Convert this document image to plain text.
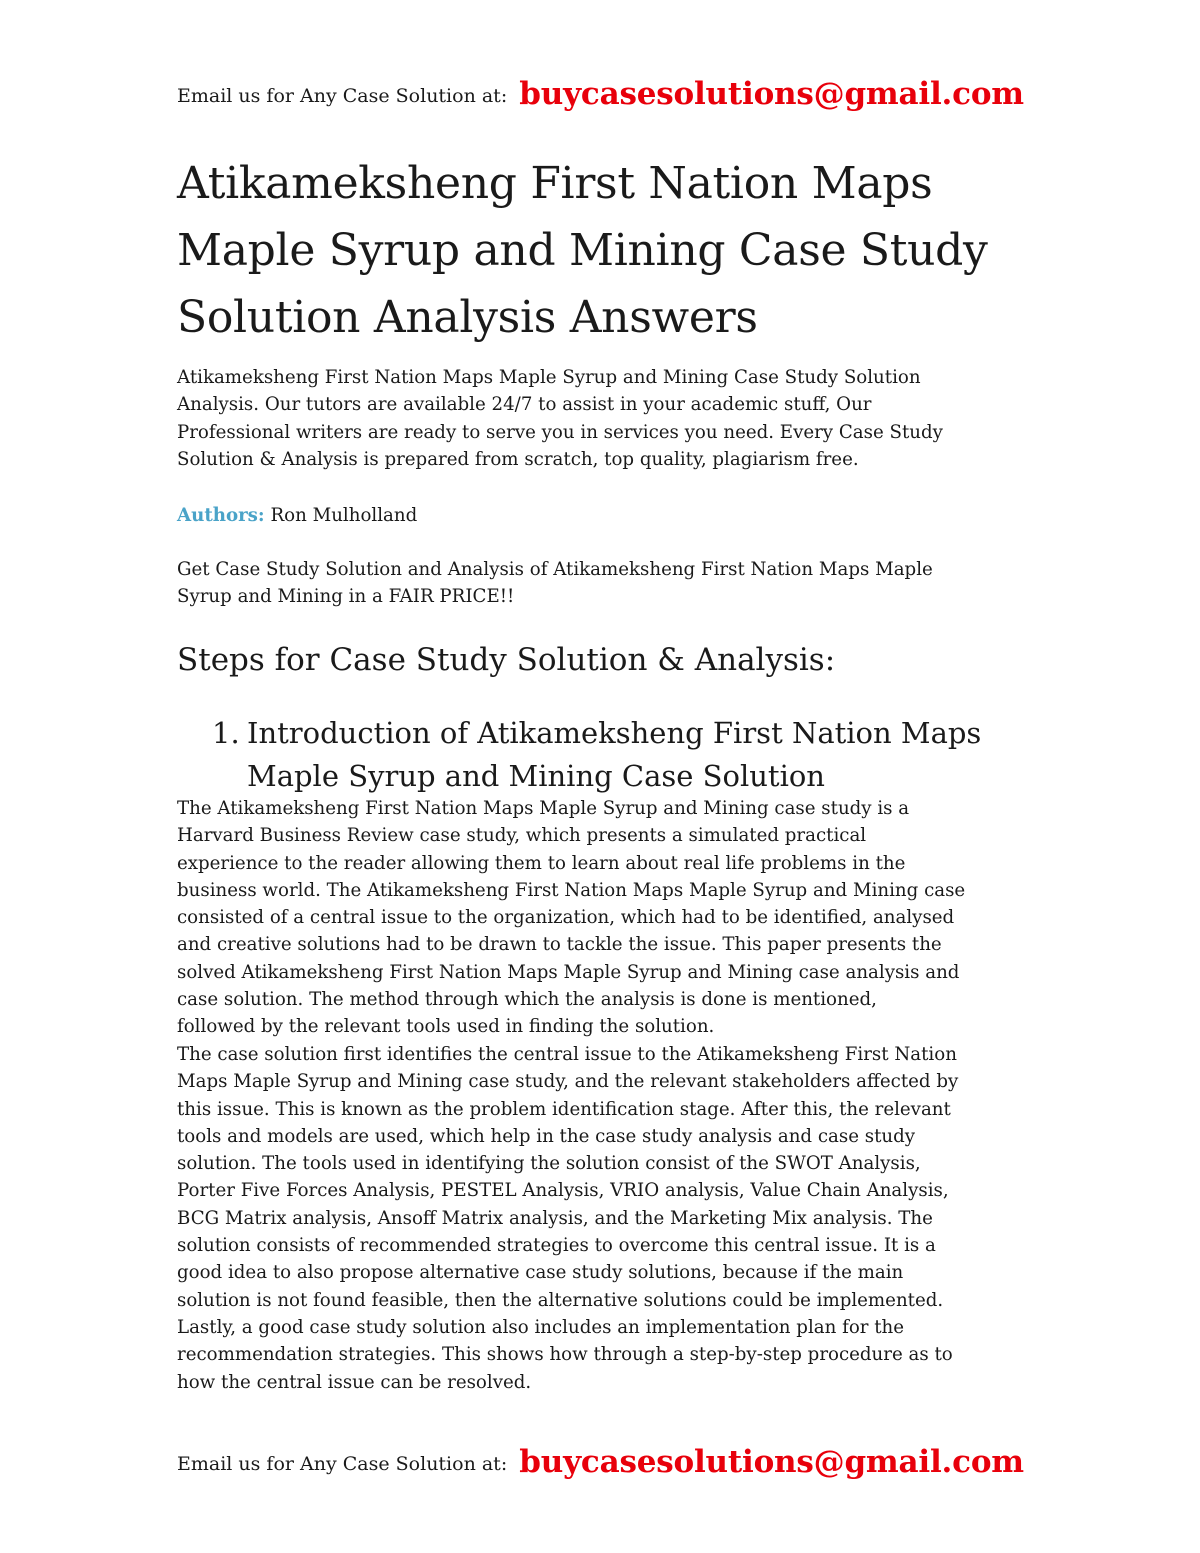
Email us for Any Case Solution at: buycasesolutions@gmail.com
Atikameksheng First Nation Maps
Maple Syrup and Mining Case Study
Solution Analysis Answers
Atikameksheng First Nation Maps Maple Syrup and Mining Case Study Solution
Analysis. Our tutors are available 24/7 to assist in your academic stuff, Our
Professional writers are ready to serve you in services you need. Every Case Study
Solution & Analysis is prepared from scratch, top quality, plagiarism free.
Authors: Ron Mulholland
Get Case Study Solution and Analysis of Atikameksheng First Nation Maps Maple
Syrup and Mining in a FAIR PRICE!!
Steps for Case Study Solution & Analysis:
1. Introduction of Atikameksheng First Nation Maps
Maple Syrup and Mining Case Solution
The Atikameksheng First Nation Maps Maple Syrup and Mining case study is a
Harvard Business Review case study, which presents a simulated practical
experience to the reader allowing them to learn about real life problems in the
business world. The Atikameksheng First Nation Maps Maple Syrup and Mining case
consisted of a central issue to the organization, which had to be identified, analysed
and creative solutions had to be drawn to tackle the issue. This paper presents the
solved Atikameksheng First Nation Maps Maple Syrup and Mining case analysis and
case solution. The method through which the analysis is done is mentioned,
followed by the relevant tools used in finding the solution.
The case solution first identifies the central issue to the Atikameksheng First Nation
Maps Maple Syrup and Mining case study, and the relevant stakeholders affected by
this issue. This is known as the problem identification stage. After this, the relevant
tools and models are used, which help in the case study analysis and case study
solution. The tools used in identifying the solution consist of the SWOT Analysis,
Porter Five Forces Analysis, PESTEL Analysis, VRIO analysis, Value Chain Analysis,
BCG Matrix analysis, Ansoff Matrix analysis, and the Marketing Mix analysis. The
solution consists of recommended strategies to overcome this central issue. It is a
good idea to also propose alternative case study solutions, because if the main
solution is not found feasible, then the alternative solutions could be implemented.
Lastly, a good case study solution also includes an implementation plan for the
recommendation strategies. This shows how through a step-by-step procedure as to
how the central issue can be resolved.
Email us for Any Case Solution at: buycasesolutions@gmail.com
